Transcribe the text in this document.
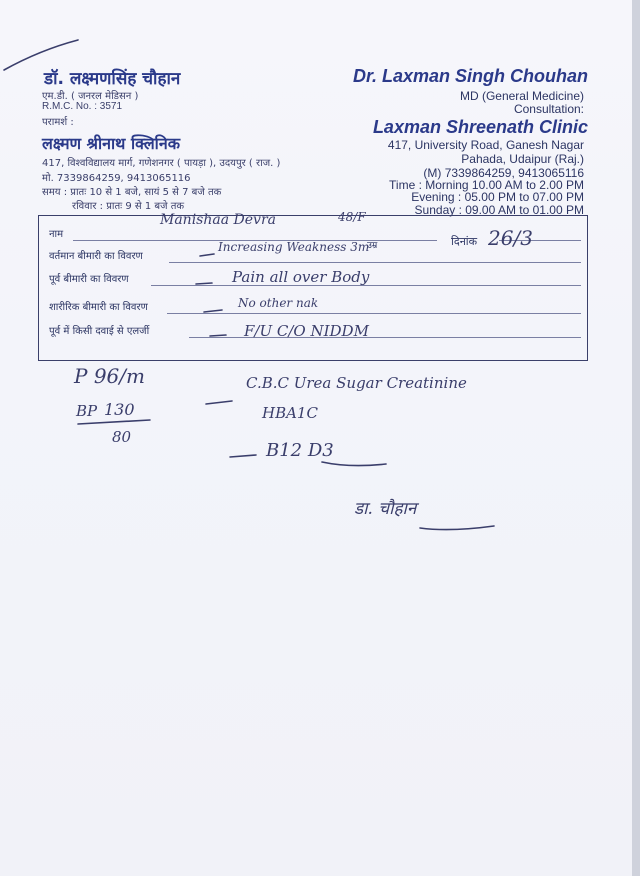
डॉ. लक्ष्मणसिंह चौहान
एम.डी. ( जनरल मेडिसन )
R.M.C. No. : 3571
परामर्श :
लक्ष्मण श्रीनाथ क्लिनिक
417, विश्वविद्यालय मार्ग, गणेशनगर ( पायड़ा ), उदयपुर ( राज. )
मो. 7339864259, 9413065116
समय : प्रातः 10 से 1 बजे, सायं 5 से 7 बजे तक
रविवार : प्रातः 9 से 1 बजे तक
Dr. Laxman Singh Chouhan
MD (General Medicine)
Consultation:
Laxman Shreenath Clinic
417, University Road, Ganesh Nagar
Pahada, Udaipur (Raj.)
(M) 7339864259, 9413065116
Time : Morning 10.00 AM to 2.00 PM
Evening : 05.00 PM to 07.00 PM
Sunday : 09.00 AM to 01.00 PM
नाम
उम्र	दिनांक
वर्तमान बीमारी का विवरण
पूर्व बीमारी का विवरण
शारीरिक बीमारी का विवरण
पूर्व में किसी दवाई से एलर्जी
Manishaa Devra	48/F
26/3
Increasing Weakness 3m
Pain all over Body
No other nak
F/U C/O NIDDM
P 96/m
BP 130
80
C.B.C Urea Sugar Creatinine
HBA1C
B12 D3
डा. चौहान
